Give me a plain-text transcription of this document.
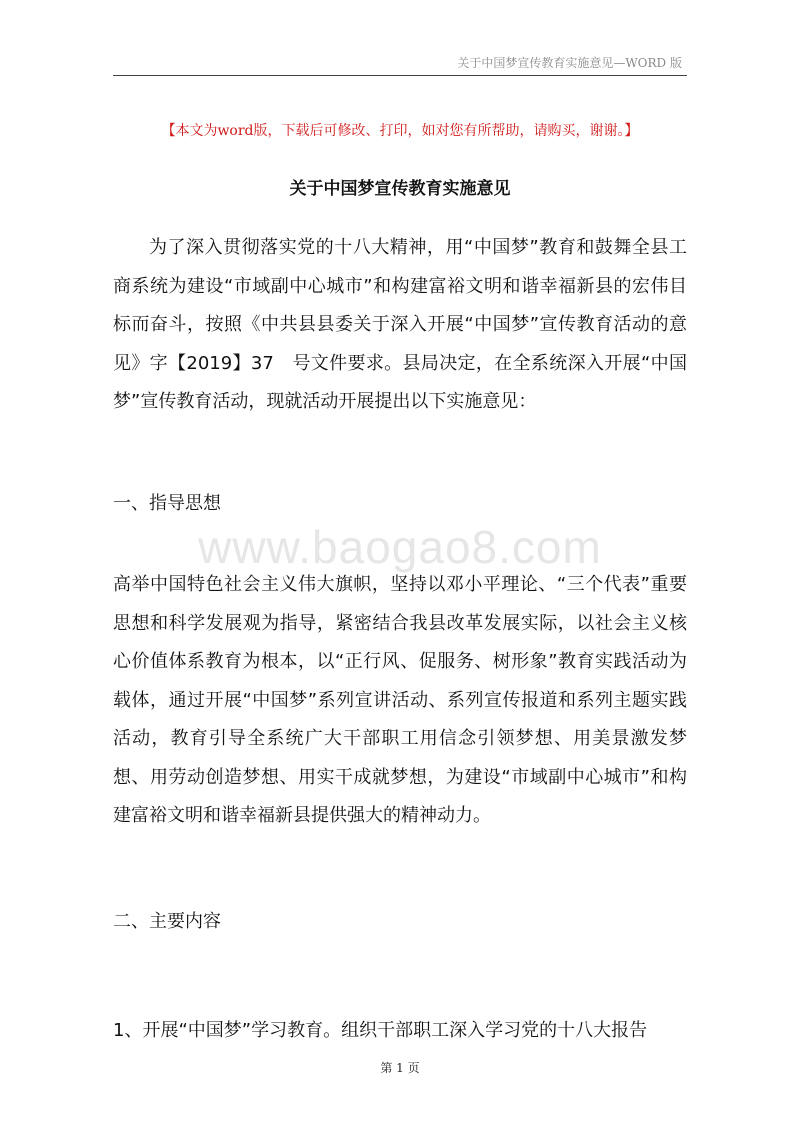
关于中国梦宣传教育实施意见—WORD 版
【本文为word版，下载后可修改、打印，如对您有所帮助，请购买，谢谢。】
关于中国梦宣传教育实施意见
为了深入贯彻落实党的十八大精神，用“中国梦”教育和鼓舞全县工商系统为建设“市域副中心城市”和构建富裕文明和谐幸福新县的宏伟目标而奋斗，按照《中共县县委关于深入开展“中国梦”宣传教育活动的意见》字【2019】37　号文件要求。县局决定，在全系统深入开展“中国梦”宣传教育活动，现就活动开展提出以下实施意见：
一、指导思想
www.baogao8.com
高举中国特色社会主义伟大旗帜，坚持以邓小平理论、“三个代表”重要思想和科学发展观为指导，紧密结合我县改革发展实际，以社会主义核心价值体系教育为根本，以“正行风、促服务、树形象”教育实践活动为载体，通过开展“中国梦”系列宣讲活动、系列宣传报道和系列主题实践活动，教育引导全系统广大干部职工用信念引领梦想、用美景激发梦想、用劳动创造梦想、用实干成就梦想，为建设“市域副中心城市”和构建富裕文明和谐幸福新县提供强大的精神动力。
二、主要内容
1、开展“中国梦”学习教育。组织干部职工深入学习党的十八大报告
第 1 页
